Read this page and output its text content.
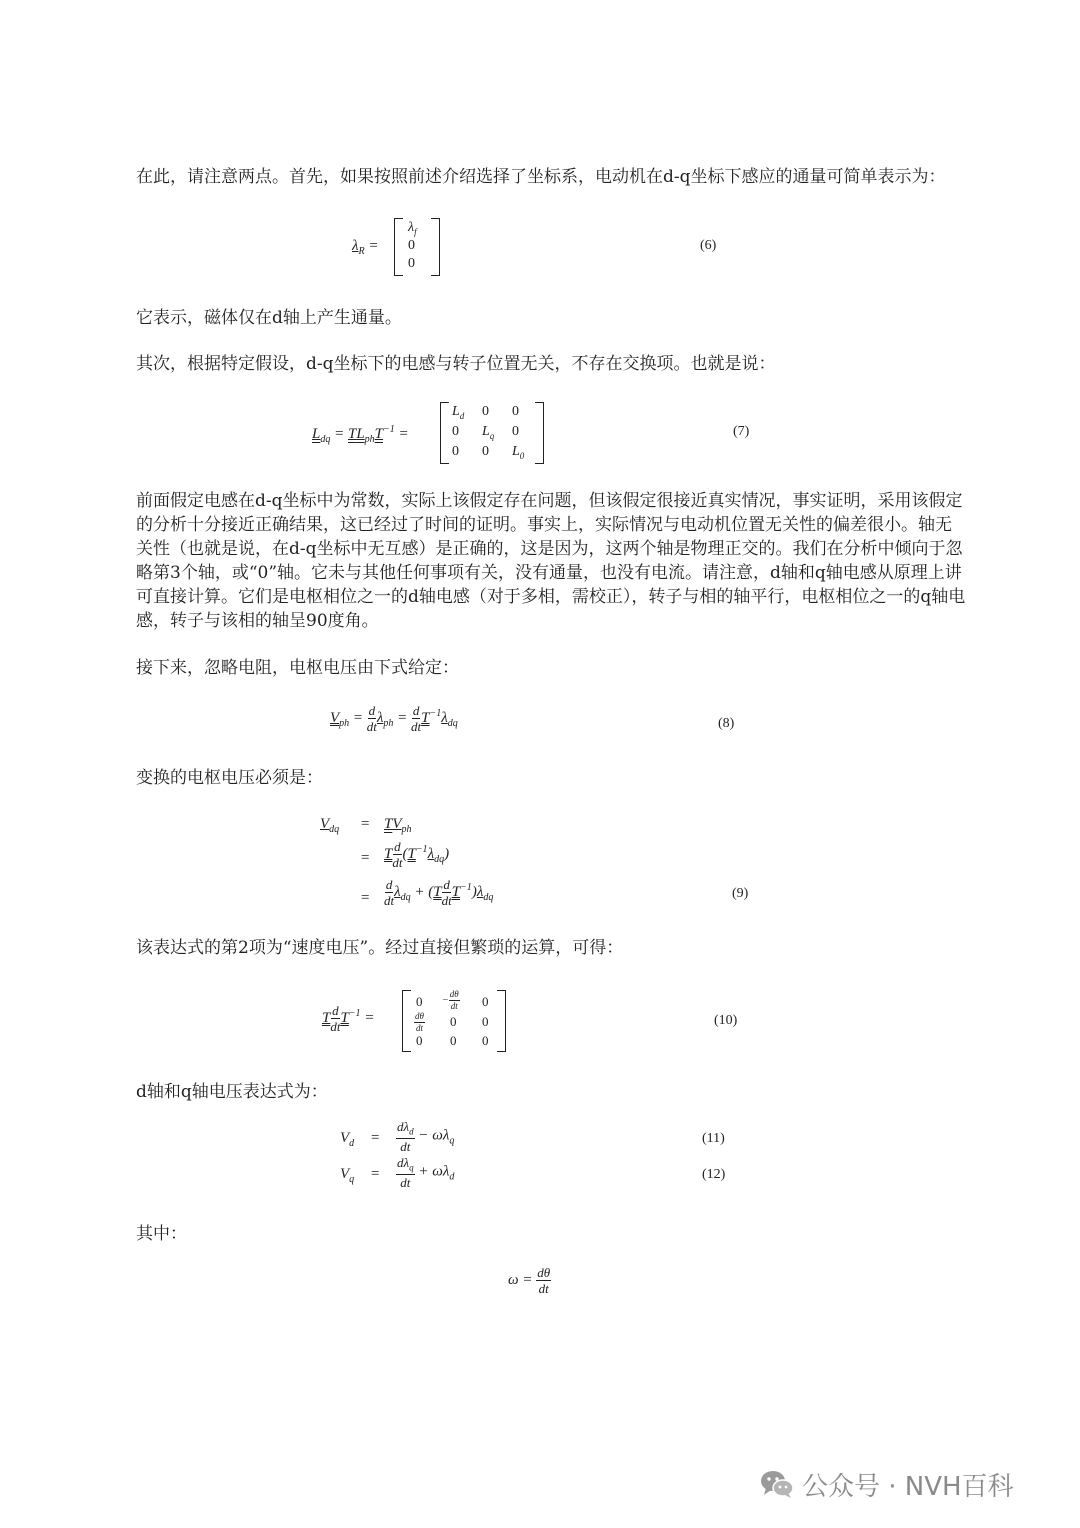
在此，请注意两点。首先，如果按照前述介绍选择了坐标系，电动机在d-q坐标下感应的通量可简单表示为：
$\lambda_R$ =
$\lambda_f$
0
0
(6)
它表示，磁体仅在d轴上产生通量。
其次，根据特定假设，d-q坐标下的电感与转子位置无关，不存在交换项。也就是说：
$L_{dq} = TL_{ph}T^{-1}$ =
$L_d$ 0 0
0 $L_q$ 0
0 0 $L_0$
(7)
前面假定电感在d-q坐标中为常数，实际上该假定存在问题，但该假定很接近真实情况，事实证明，采用该假定的分析十分接近正确结果，这已经过了时间的证明。事实上，实际情况与电动机位置无关性的偏差很小。轴无关性（也就是说，在d-q坐标中无互感）是正确的，这是因为，这两个轴是物理正交的。我们在分析中倾向于忽略第3个轴，或“0”轴。它未与其他任何事项有关，没有通量，也没有电流。请注意，d轴和q轴电感从原理上讲可直接计算。它们是电枢相位之一的d轴电感（对于多相，需校正），转子与相的轴平行，电枢相位之一的q轴电感，转子与该相的轴呈90度角。
接下来，忽略电阻，电枢电压由下式给定：
$V_{ph} = \frac{d}{dt} \lambda_{ph} = \frac{d}{dt} T^{-1}\lambda_{dq}$	(8)
变换的电枢电压必须是：
$V_{dq} = TV_{ph}$
= T $\frac{d}{dt} (T^{-1}\lambda_{dq})$
= $\frac{d}{dt} \lambda_{dq} + (T \frac{d}{dt} T^{-1})\lambda_{dq}$	(9)
该表达式的第2项为“速度电压”。经过直接但繁琐的运算，可得：
T $\frac{d}{dt} T^{-1}$ =
$0 - \frac{d\theta}{dt} 0$
$\frac{d\theta}{dt} 0$ 0
0 0 0
(10)
d轴和q轴电压表达式为：
$V_d = \frac{d\lambda_d}{dt} - \omega\lambda_q$	(11)
$V_q = \frac{d\lambda_q}{dt} + \omega\lambda_d$	(12)
其中：
$\omega = \frac{d\theta}{dt}$
公众号 · NVH百科
